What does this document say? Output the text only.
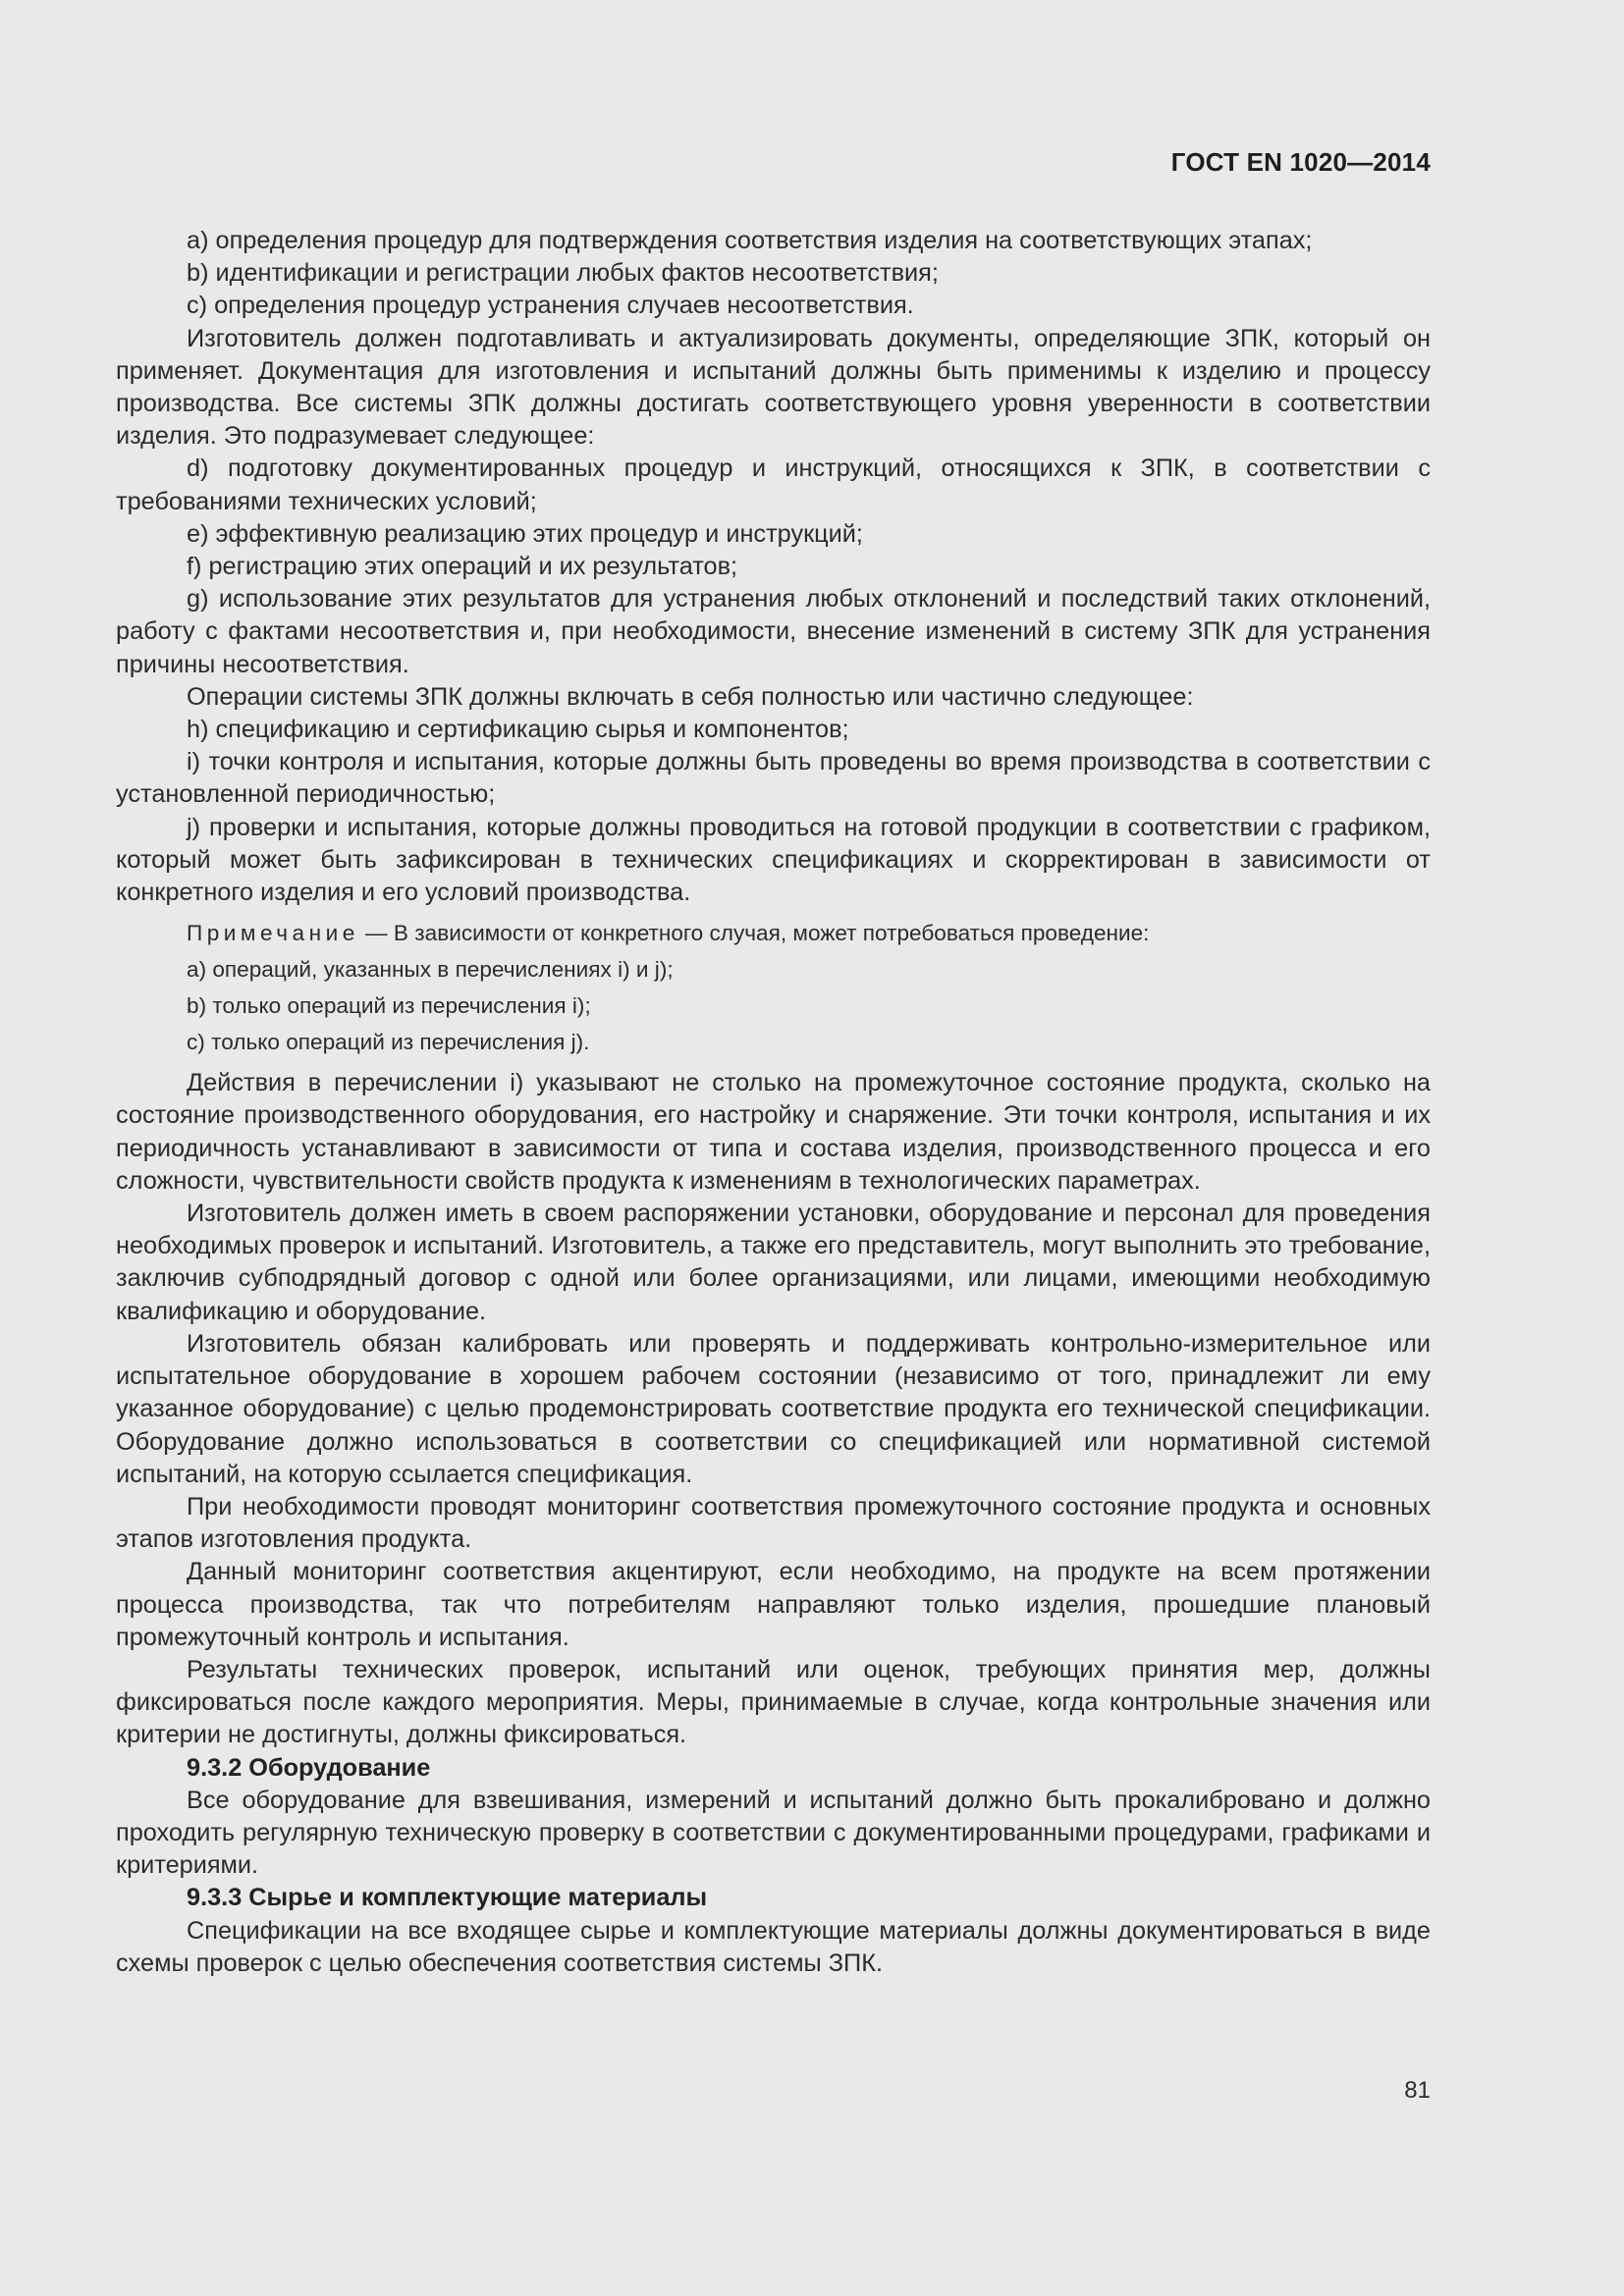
ГОСТ EN 1020—2014

a) определения процедур для подтверждения соответствия изделия на соответствующих этапах;

b) идентификации и регистрации любых фактов несоответствия;

c) определения процедур устранения случаев несоответствия.

Изготовитель должен подготавливать и актуализировать документы, определяющие ЗПК, который он применяет. Документация для изготовления и испытаний должны быть применимы к изделию и процессу производства. Все системы ЗПК должны достигать соответствующего уровня уверенности в соответствии изделия. Это подразумевает следующее:

d) подготовку документированных процедур и инструкций, относящихся к ЗПК, в соответствии с требованиями технических условий;

e) эффективную реализацию этих процедур и инструкций;

f) регистрацию этих операций и их результатов;

g) использование этих результатов для устранения любых отклонений и последствий таких отклонений, работу с фактами несоответствия и, при необходимости, внесение изменений в систему ЗПК для устранения причины несоответствия.

Операции системы ЗПК должны включать в себя полностью или частично следующее:

h) спецификацию и сертификацию сырья и компонентов;

i) точки контроля и испытания, которые должны быть проведены во время производства в соответствии с установленной периодичностью;

j) проверки и испытания, которые должны проводиться на готовой продукции в соответствии с графиком, который может быть зафиксирован в технических спецификациях и скорректирован в зависимости от конкретного изделия и его условий производства.

Примечание — В зависимости от конкретного случая, может потребоваться проведение:

a) операций, указанных в перечислениях i) и j);

b) только операций из перечисления i);

c) только операций из перечисления j).

Действия в перечислении i) указывают не столько на промежуточное состояние продукта, сколько на состояние производственного оборудования, его настройку и снаряжение. Эти точки контроля, испытания и их периодичность устанавливают в зависимости от типа и состава изделия, производственного процесса и его сложности, чувствительности свойств продукта к изменениям в технологических параметрах.

Изготовитель должен иметь в своем распоряжении установки, оборудование и персонал для проведения необходимых проверок и испытаний. Изготовитель, а также его представитель, могут выполнить это требование, заключив субподрядный договор с одной или более организациями, или лицами, имеющими необходимую квалификацию и оборудование.

Изготовитель обязан калибровать или проверять и поддерживать контрольно-измерительное или испытательное оборудование в хорошем рабочем состоянии (независимо от того, принадлежит ли ему указанное оборудование) с целью продемонстрировать соответствие продукта его технической спецификации. Оборудование должно использоваться в соответствии со спецификацией или нормативной системой испытаний, на которую ссылается спецификация.

При необходимости проводят мониторинг соответствия промежуточного состояние продукта и основных этапов изготовления продукта.

Данный мониторинг соответствия акцентируют, если необходимо, на продукте на всем протяжении процесса производства, так что потребителям направляют только изделия, прошедшие плановый промежуточный контроль и испытания.

Результаты технических проверок, испытаний или оценок, требующих принятия мер, должны фиксироваться после каждого мероприятия. Меры, принимаемые в случае, когда контрольные значения или критерии не достигнуты, должны фиксироваться.

9.3.2 Оборудование

Все оборудование для взвешивания, измерений и испытаний должно быть прокалибровано и должно проходить регулярную техническую проверку в соответствии с документированными процедурами, графиками и критериями.

9.3.3 Сырье и комплектующие материалы

Спецификации на все входящее сырье и комплектующие материалы должны документироваться в виде схемы проверок с целью обеспечения соответствия системы ЗПК.

81
